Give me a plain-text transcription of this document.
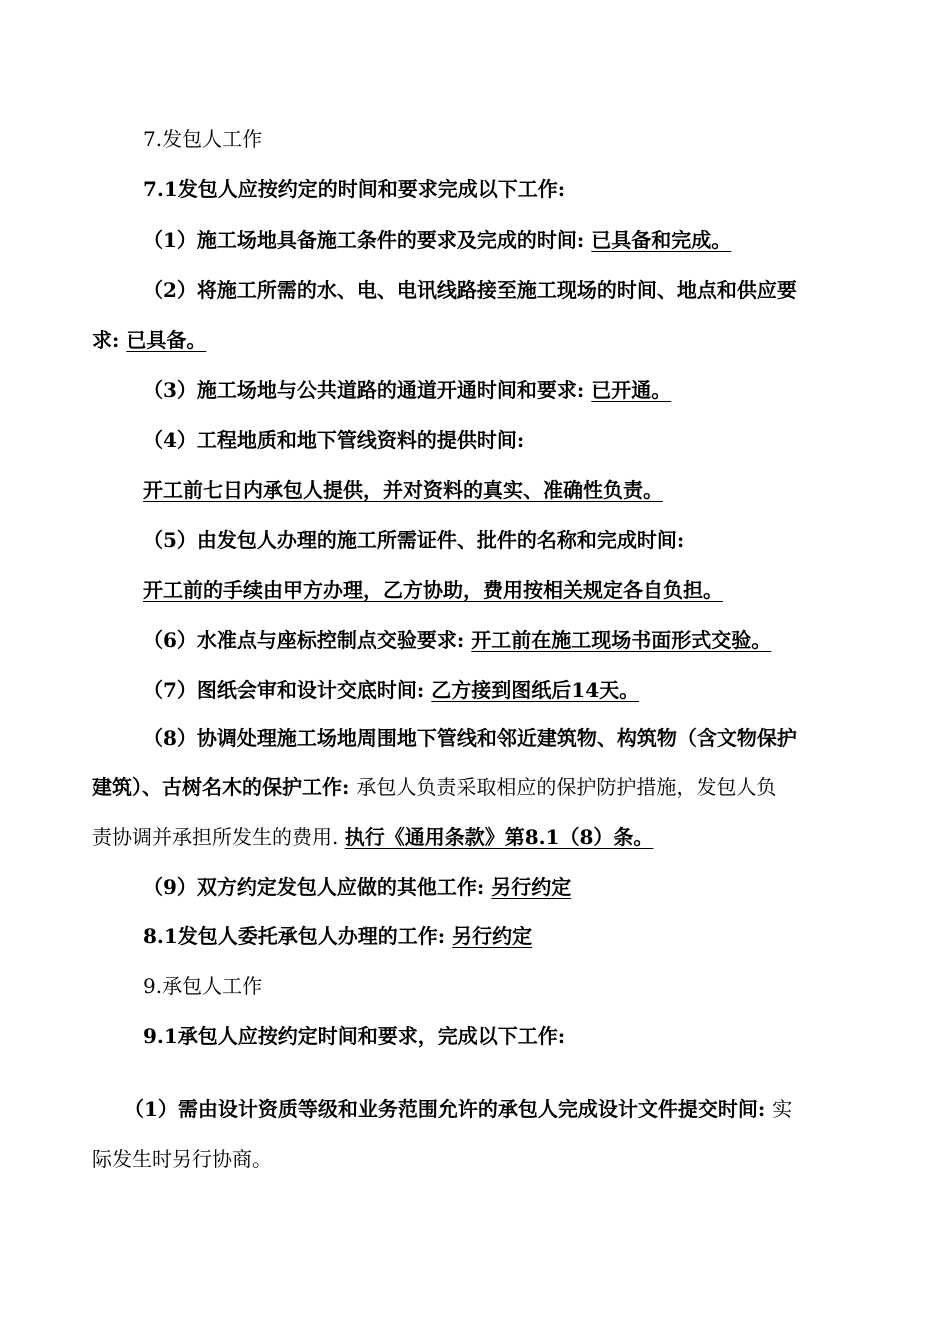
7.发包人工作
7.1发包人应按约定的时间和要求完成以下工作:
（1）施工场地具备施工条件的要求及完成的时间: 已具备和完成。
（2）将施工所需的水、电、电讯线路接至施工现场的时间、地点和供应要
求: 已具备。
（3）施工场地与公共道路的通道开通时间和要求: 已开通。
（4）工程地质和地下管线资料的提供时间:
开工前七日内承包人提供，并对资料的真实、准确性负责。
（5）由发包人办理的施工所需证件、批件的名称和完成时间:
开工前的手续由甲方办理，乙方协助，费用按相关规定各自负担。
（6）水准点与座标控制点交验要求: 开工前在施工现场书面形式交验。
（7）图纸会审和设计交底时间: 乙方接到图纸后14天。
（8）协调处理施工场地周围地下管线和邻近建筑物、构筑物（含文物保护
建筑）、古树名木的保护工作: 承包人负责采取相应的保护防护措施，发包人负
责协调并承担所发生的费用. 执行《通用条款》第8.1（8）条。
（9）双方约定发包人应做的其他工作: 另行约定
8.1发包人委托承包人办理的工作: 另行约定
9.承包人工作
9.1承包人应按约定时间和要求，完成以下工作:
（1）需由设计资质等级和业务范围允许的承包人完成设计文件提交时间: 实
际发生时另行协商。
